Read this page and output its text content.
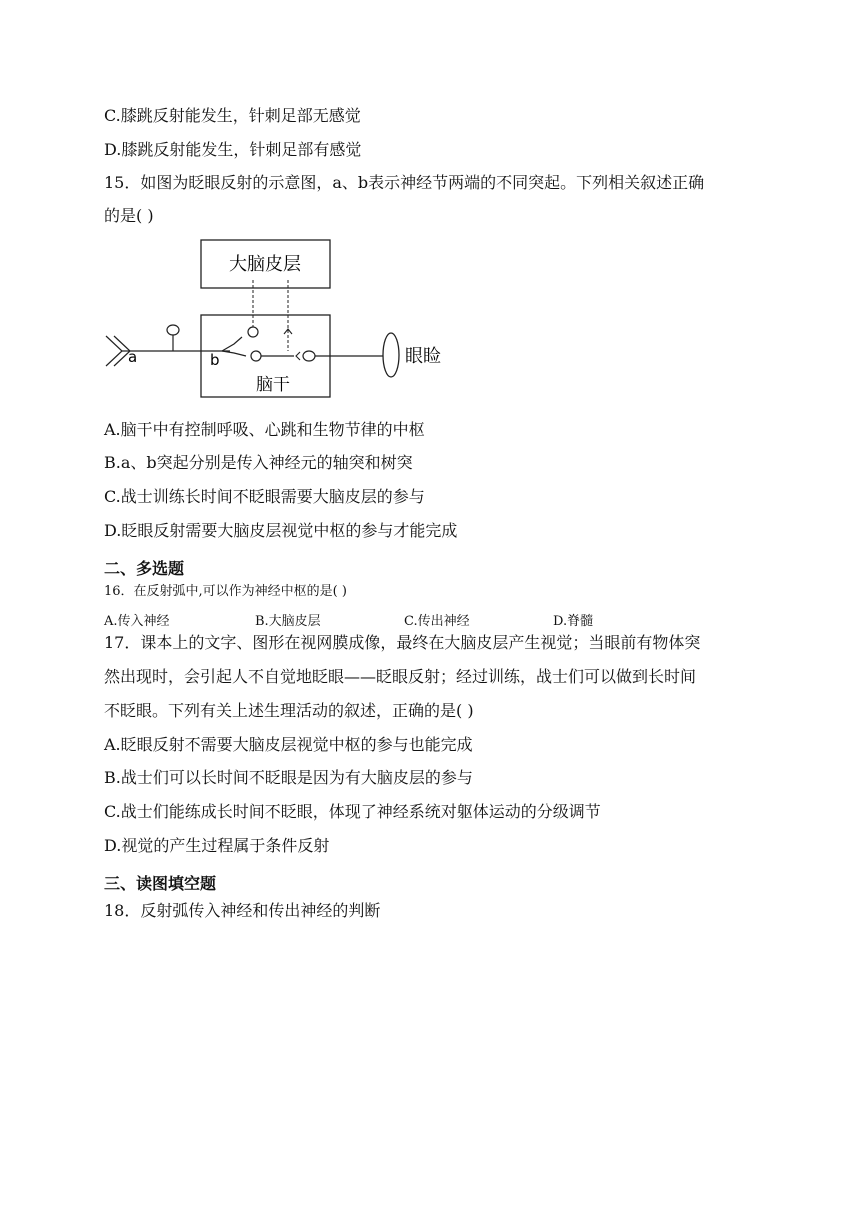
C.膝跳反射能发生，针刺足部无感觉
D.膝跳反射能发生，针刺足部有感觉
15．如图为眨眼反射的示意图，a、b表示神经节两端的不同突起。下列相关叙述正确
的是( )
大脑皮层
脑干
a	b	眼睑
A.脑干中有控制呼吸、心跳和生物节律的中枢
B.a、b突起分别是传入神经元的轴突和树突
C.战士训练长时间不眨眼需要大脑皮层的参与
D.眨眼反射需要大脑皮层视觉中枢的参与才能完成
二、多选题
16．在反射弧中,可以作为神经中枢的是( )
A.传入神经	B.大脑皮层	C.传出神经	D.脊髓
17．课本上的文字、图形在视网膜成像，最终在大脑皮层产生视觉；当眼前有物体突
然出现时，会引起人不自觉地眨眼——眨眼反射；经过训练，战士们可以做到长时间
不眨眼。下列有关上述生理活动的叙述，正确的是( )
A.眨眼反射不需要大脑皮层视觉中枢的参与也能完成
B.战士们可以长时间不眨眼是因为有大脑皮层的参与
C.战士们能练成长时间不眨眼，体现了神经系统对躯体运动的分级调节
D.视觉的产生过程属于条件反射
三、读图填空题
18．反射弧传入神经和传出神经的判断
